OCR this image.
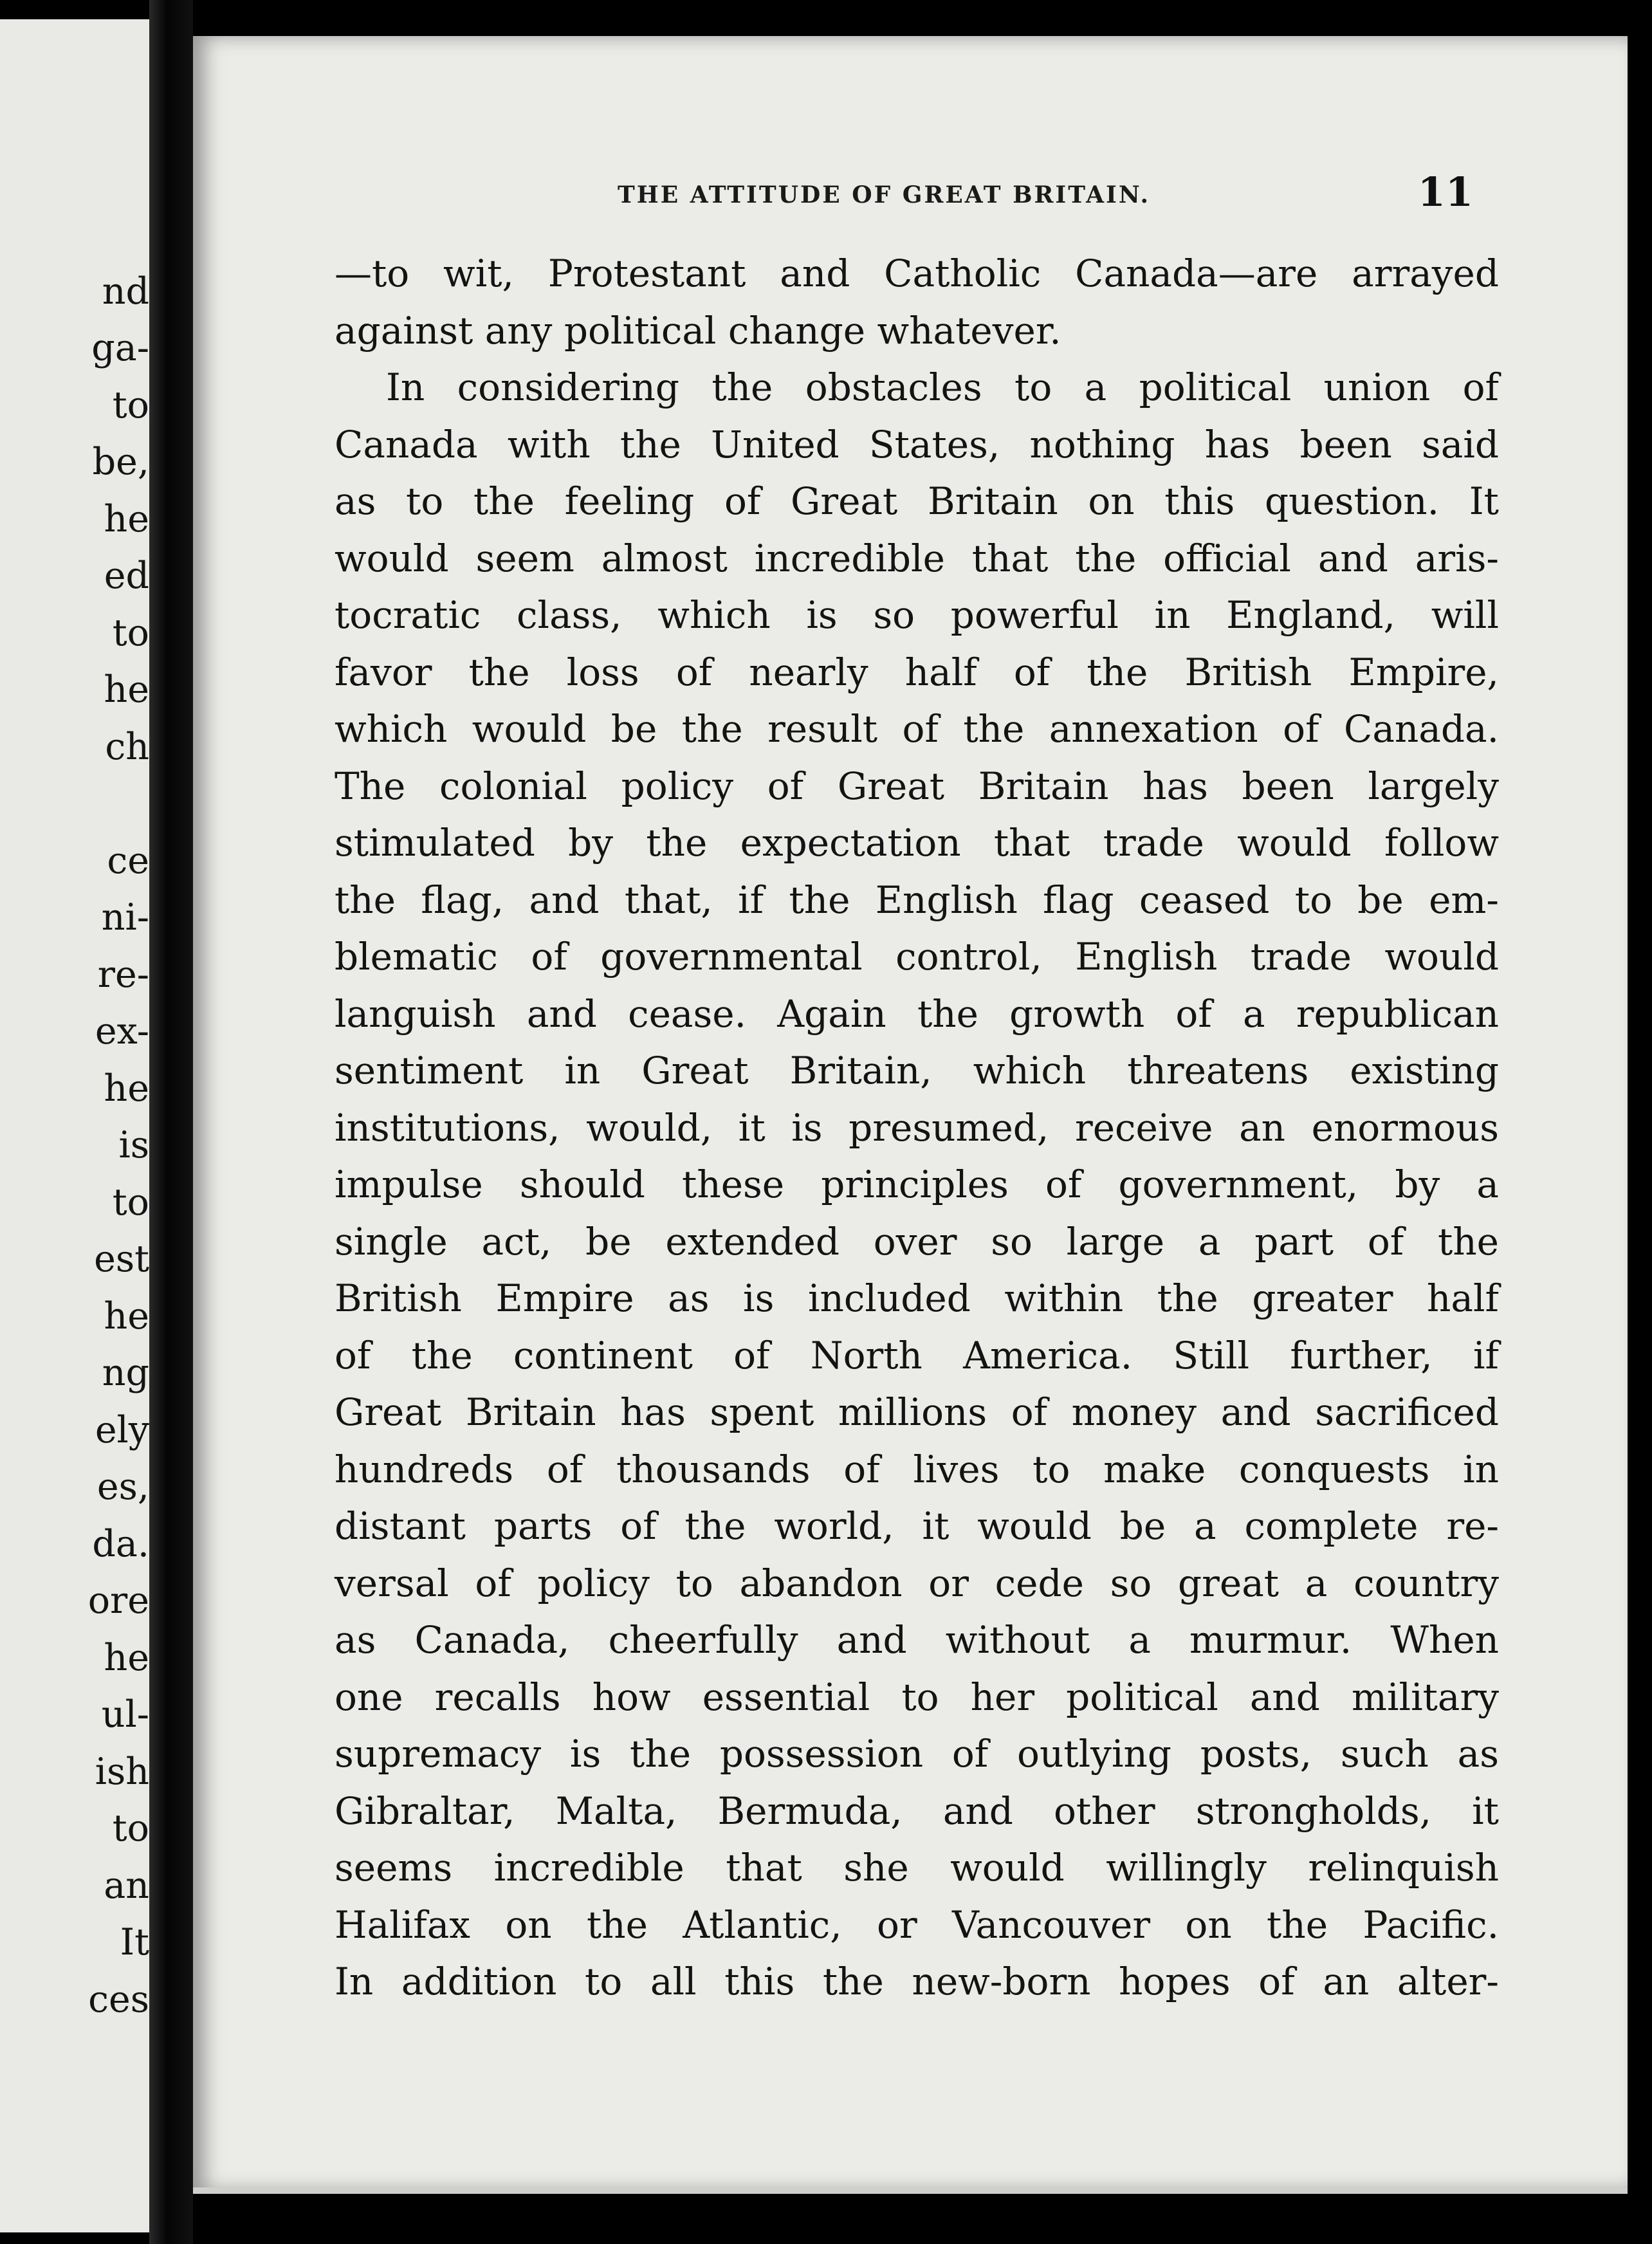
nd
ga-
to
be,
he
ed
to
he
ch
ce
ni-
re-
ex-
he
is
to
est
he
ng
ely
es,
da.
ore
he
ul-
ish
to
an
It
ces
THE ATTITUDE OF GREAT BRITAIN.	11
—to wit, Protestant and Catholic Canada—are arrayed
against any political change whatever.
In considering the obstacles to a political union of
Canada with the United States, nothing has been said
as to the feeling of Great Britain on this question. It
would seem almost incredible that the official and aris-
tocratic class, which is so powerful in England, will
favor the loss of nearly half of the British Empire,
which would be the result of the annexation of Canada.
The colonial policy of Great Britain has been largely
stimulated by the expectation that trade would follow
the flag, and that, if the English flag ceased to be em-
blematic of governmental control, English trade would
languish and cease. Again the growth of a republican
sentiment in Great Britain, which threatens existing
institutions, would, it is presumed, receive an enormous
impulse should these principles of government, by a
single act, be extended over so large a part of the
British Empire as is included within the greater half
of the continent of North America. Still further, if
Great Britain has spent millions of money and sacrificed
hundreds of thousands of lives to make conquests in
distant parts of the world, it would be a complete re-
versal of policy to abandon or cede so great a country
as Canada, cheerfully and without a murmur. When
one recalls how essential to her political and military
supremacy is the possession of outlying posts, such as
Gibraltar, Malta, Bermuda, and other strongholds, it
seems incredible that she would willingly relinquish
Halifax on the Atlantic, or Vancouver on the Pacific.
In addition to all this the new-born hopes of an alter-
